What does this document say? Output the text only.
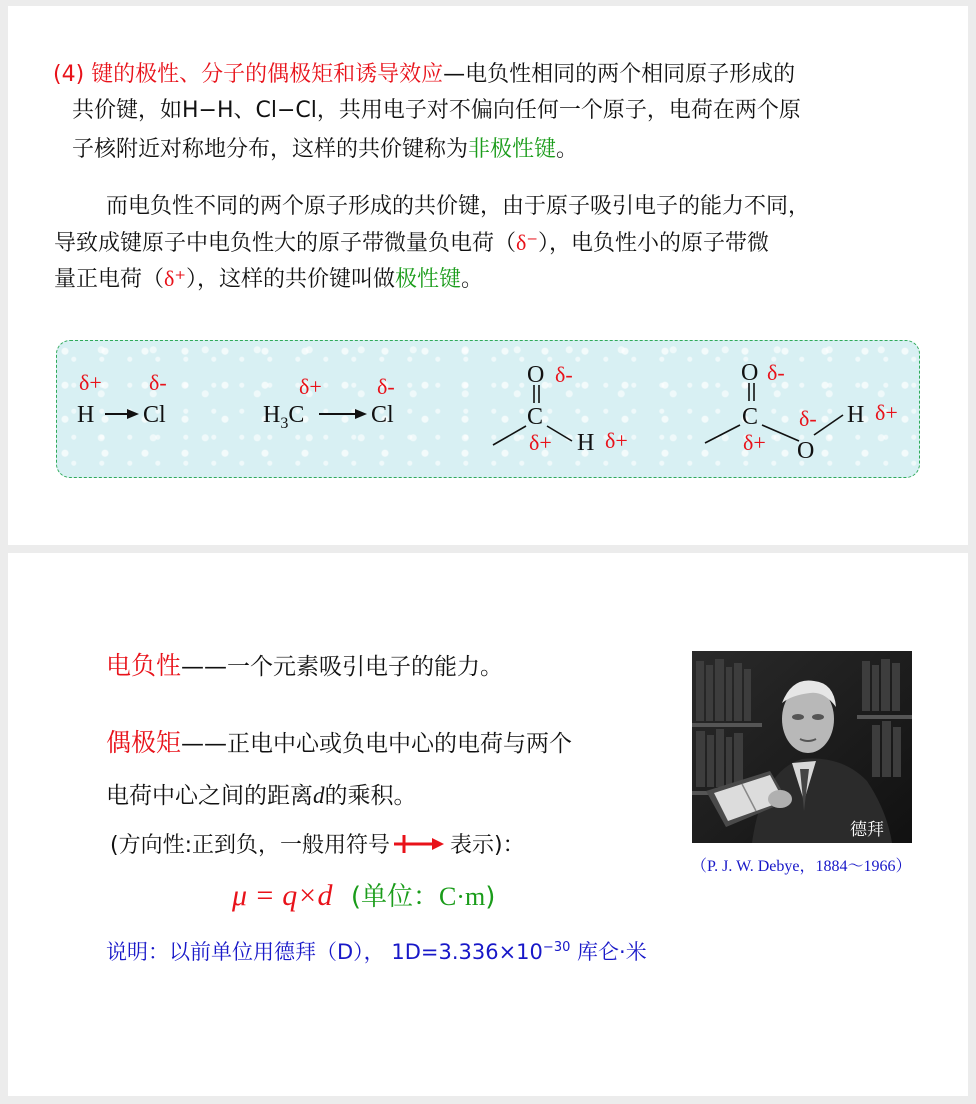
(4) 键的极性、分子的偶极矩和诱导效应—电负性相同的两个相同原子形成的
共价键，如H−H、Cl−Cl，共用电子对不偏向任何一个原子，电荷在两个原
子核附近对称地分布，这样的共价键称为非极性键。
而电负性不同的两个原子形成的共价键，由于原子吸引电子的能力不同，
导致成键原子中电负性大的原子带微量负电荷（δ⁻），电负性小的原子带微
量正电荷（δ⁺），这样的共价键叫做极性键。
δ+ δ-
H Cl
δ+	δ-
$H_3C$	Cl
O δ-
C
δ+ H δ+
O δ-
C
δ+
δ-
O
H δ+
电负性——一个元素吸引电子的能力。
偶极矩——正电中心或负电中心的电荷与两个
电荷中心之间的距离d的乘积。
(方向性:正到负，一般用符号	表示)：
μ = q×d (单位：C·m)
说明：以前单位用德拜（D）， $1D=3.336\times 10^{-30}$ 库仑·米
德拜
（P. J. W. Debye，1884～1966）
